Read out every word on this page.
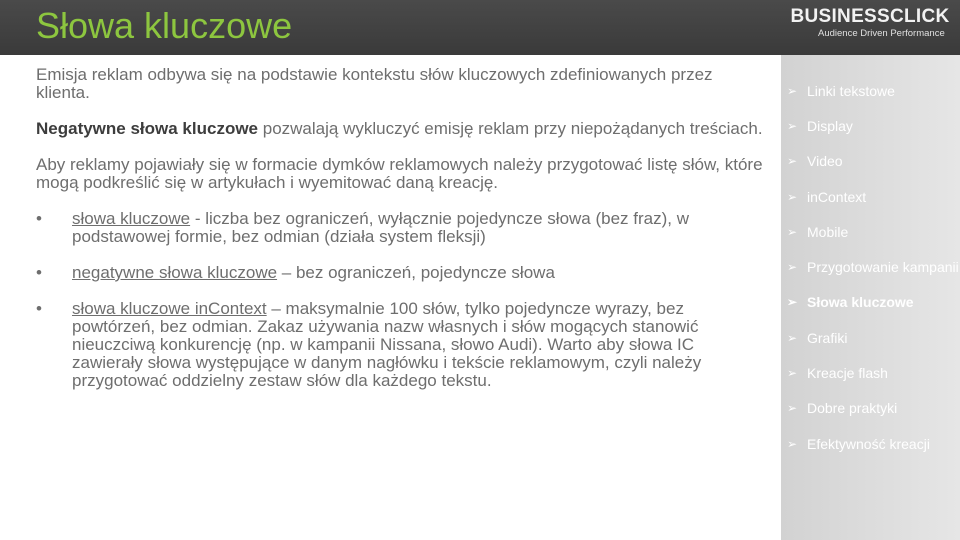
Słowa kluczowe	BUSINESSCLICK
Audience Driven Performance

Emisja reklam odbywa się na podstawie kontekstu słów kluczowych zdefiniowanych przez klienta.

Negatywne słowa kluczowe pozwalają wykluczyć emisję reklam przy niepożądanych treściach.

Aby reklamy pojawiały się w formacie dymków reklamowych należy przygotować listę słów, które mogą podkreślić się w artykułach i wyemitować daną kreację.

• słowa kluczowe - liczba bez ograniczeń, wyłącznie pojedyncze słowa (bez fraz), w podstawowej formie, bez odmian (działa system fleksji)
• negatywne słowa kluczowe – bez ograniczeń, pojedyncze słowa
• słowa kluczowe inContext – maksymalnie 100 słów, tylko pojedyncze wyrazy, bez powtórzeń, bez odmian. Zakaz używania nazw własnych i słów mogących stanowić nieuczciwą konkurencję (np. w kampanii Nissana, słowo Audi). Warto aby słowa IC zawierały słowa występujące w danym nagłówku i tekście reklamowym, czyli należy przygotować oddzielny zestaw słów dla każdego tekstu.
➢ Linki tekstowe
➢ Display
➢ Video
➢ inContext
➢ Mobile
➢ Przygotowanie kampanii
➢ Słowa kluczowe
➢ Grafiki
➢ Kreacje flash
➢ Dobre praktyki
➢ Efektywność kreacji
